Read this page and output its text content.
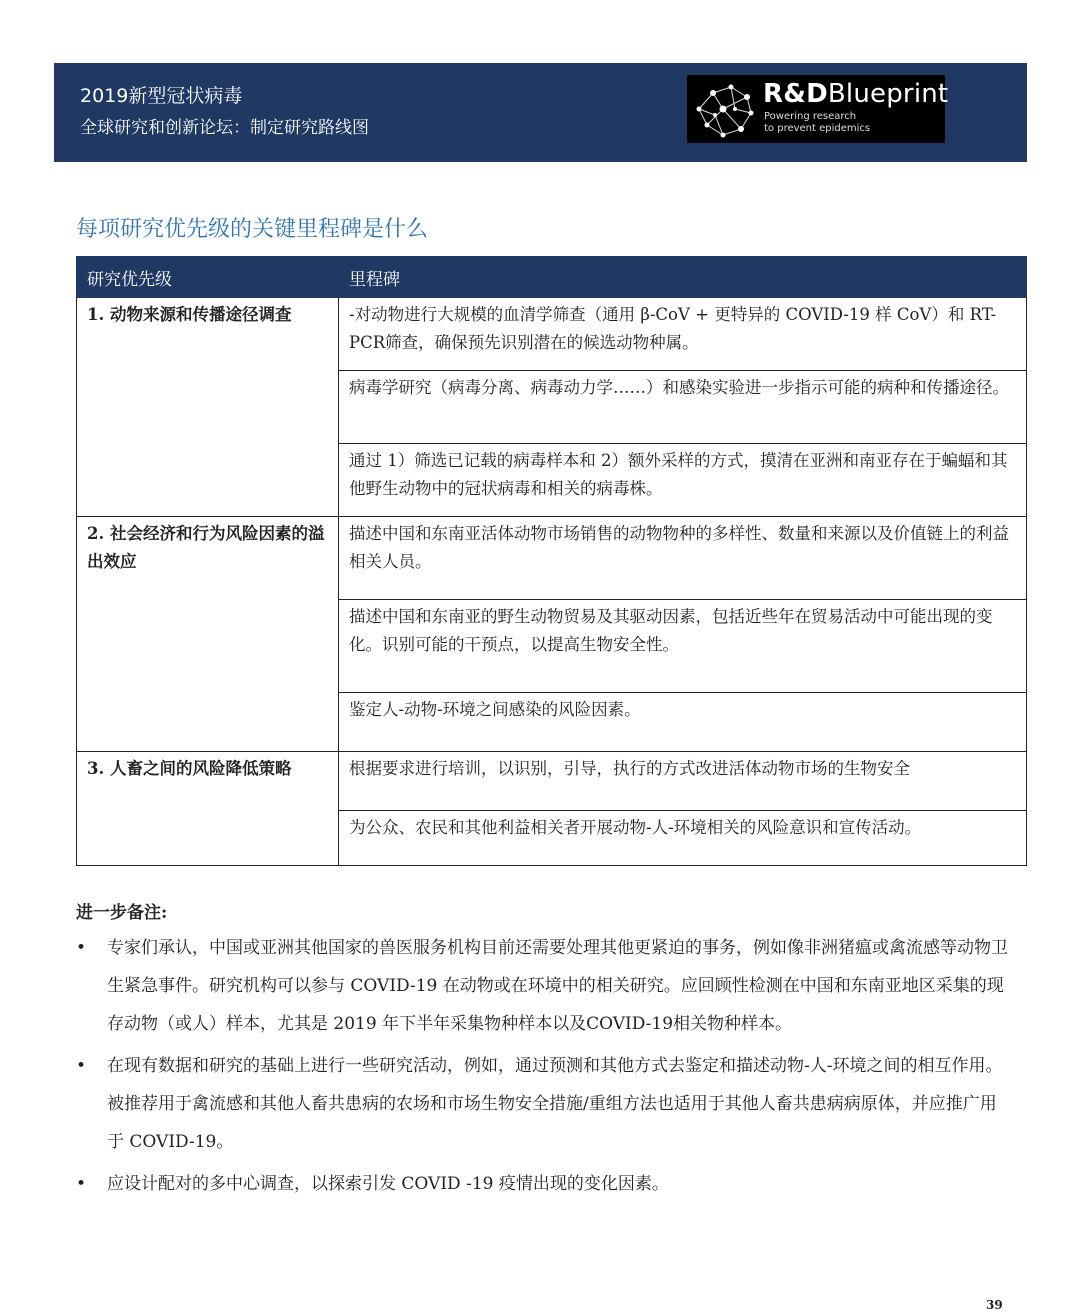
2019新型冠状病毒
全球研究和创新论坛：制定研究路线图
R&DBlueprint
Powering research
to prevent epidemics
每项研究优先级的关键里程碑是什么
研究优先级	里程碑
1. 动物来源和传播途径调查	-对动物进行大规模的血清学筛查（通用 β-CoV + 更特异的 COVID-19 样 CoV）和 RT-PCR筛查，确保预先识别潜在的候选动物种属。
	病毒学研究（病毒分离、病毒动力学……）和感染实验进一步指示可能的病种和传播途径。
	通过 1）筛选已记载的病毒样本和 2）额外采样的方式，摸清在亚洲和南亚存在于蝙蝠和其他野生动物中的冠状病毒和相关的病毒株。
2. 社会经济和行为风险因素的溢出效应	描述中国和东南亚活体动物市场销售的动物物种的多样性、数量和来源以及价值链上的利益相关人员。
	描述中国和东南亚的野生动物贸易及其驱动因素，包括近些年在贸易活动中可能出现的变化。识别可能的干预点，以提高生物安全性。
	鉴定人-动物-环境之间感染的风险因素。
3. 人畜之间的风险降低策略	根据要求进行培训，以识别，引导，执行的方式改进活体动物市场的生物安全
	为公众、农民和其他利益相关者开展动物-人-环境相关的风险意识和宣传活动。
进一步备注:
• 专家们承认，中国或亚洲其他国家的兽医服务机构目前还需要处理其他更紧迫的事务，例如像非洲猪瘟或禽流感等动物卫生紧急事件。研究机构可以参与 COVID-19 在动物或在环境中的相关研究。应回顾性检测在中国和东南亚地区采集的现存动物（或人）样本，尤其是 2019 年下半年采集物种样本以及COVID-19相关物种样本。
• 在现有数据和研究的基础上进行一些研究活动，例如，通过预测和其他方式去鉴定和描述动物-人-环境之间的相互作用。被推荐用于禽流感和其他人畜共患病的农场和市场生物安全措施/重组方法也适用于其他人畜共患病病原体，并应推广用于 COVID-19。
• 应设计配对的多中心调查，以探索引发 COVID -19 疫情出现的变化因素。
39
